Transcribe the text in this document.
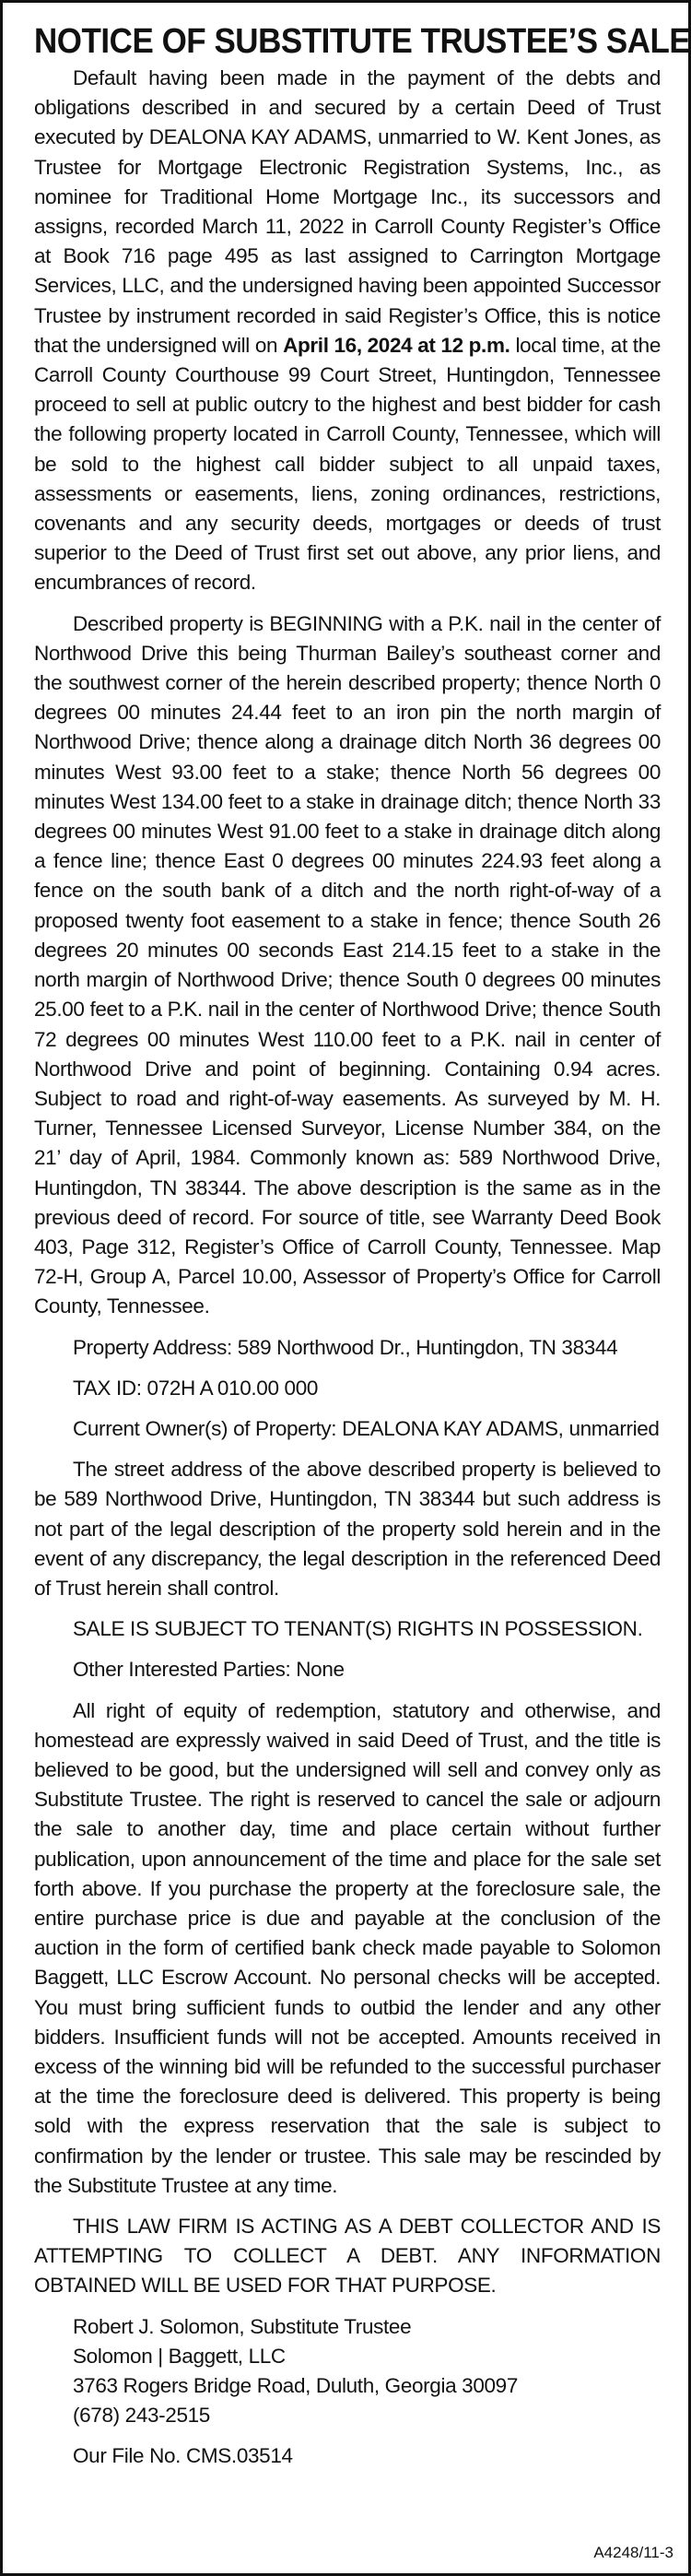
NOTICE OF SUBSTITUTE TRUSTEE’S SALE

Default having been made in the payment of the debts and obligations described in and secured by a certain Deed of Trust executed by DEALONA KAY ADAMS, unmarried to W. Kent Jones, as Trustee for Mortgage Electronic Registration Systems, Inc., as nominee for Traditional Home Mortgage Inc., its successors and assigns, recorded March 11, 2022 in Carroll County Register’s Office at Book 716 page 495 as last assigned to Carrington Mortgage Services, LLC, and the undersigned having been appointed Successor Trustee by instrument recorded in said Register’s Office, this is notice that the undersigned will on April 16, 2024 at 12 p.m. local time, at the Carroll County Courthouse 99 Court Street, Huntingdon, Tennessee proceed to sell at public outcry to the highest and best bidder for cash the following property located in Carroll County, Tennessee, which will be sold to the highest call bidder subject to all unpaid taxes, assessments or easements, liens, zoning ordinances, restrictions, covenants and any security deeds, mortgages or deeds of trust superior to the Deed of Trust first set out above, any prior liens, and encumbrances of record.

Described property is BEGINNING with a P.K. nail in the center of Northwood Drive this being Thurman Bailey’s southeast corner and the southwest corner of the herein described property; thence North 0 degrees 00 minutes 24.44 feet to an iron pin the north margin of Northwood Drive; thence along a drainage ditch North 36 degrees 00 minutes West 93.00 feet to a stake; thence North 56 degrees 00 minutes West 134.00 feet to a stake in drainage ditch; thence North 33 degrees 00 minutes West 91.00 feet to a stake in drainage ditch along a fence line; thence East 0 degrees 00 minutes 224.93 feet along a fence on the south bank of a ditch and the north right-of-way of a proposed twenty foot easement to a stake in fence; thence South 26 degrees 20 minutes 00 seconds East 214.15 feet to a stake in the north margin of Northwood Drive; thence South 0 degrees 00 minutes 25.00 feet to a P.K. nail in the center of Northwood Drive; thence South 72 degrees 00 minutes West 110.00 feet to a P.K. nail in center of Northwood Drive and point of beginning. Containing 0.94 acres. Subject to road and right-of-way easements. As surveyed by M. H. Turner, Tennessee Licensed Surveyor, License Number 384, on the 21’ day of April, 1984. Commonly known as: 589 Northwood Drive, Huntingdon, TN 38344. The above description is the same as in the previous deed of record. For source of title, see Warranty Deed Book 403, Page 312, Register’s Office of Carroll County, Tennessee. Map 72-H, Group A, Parcel 10.00, Assessor of Property’s Office for Carroll County, Tennessee.

Property Address: 589 Northwood Dr., Huntingdon, TN 38344

TAX ID: 072H A 010.00 000

Current Owner(s) of Property: DEALONA KAY ADAMS, unmarried

The street address of the above described property is believed to be 589 Northwood Drive, Huntingdon, TN 38344 but such address is not part of the legal description of the property sold herein and in the event of any discrepancy, the legal description in the referenced Deed of Trust herein shall control.

SALE IS SUBJECT TO TENANT(S) RIGHTS IN POSSESSION.

Other Interested Parties: None

All right of equity of redemption, statutory and otherwise, and homestead are expressly waived in said Deed of Trust, and the title is believed to be good, but the undersigned will sell and convey only as Substitute Trustee. The right is reserved to cancel the sale or adjourn the sale to another day, time and place certain without further publication, upon announcement of the time and place for the sale set forth above. If you purchase the property at the foreclosure sale, the entire purchase price is due and payable at the conclusion of the auction in the form of certified bank check made payable to Solomon Baggett, LLC Escrow Account. No personal checks will be accepted. You must bring sufficient funds to outbid the lender and any other bidders. Insufficient funds will not be accepted. Amounts received in excess of the winning bid will be refunded to the successful purchaser at the time the foreclosure deed is delivered. This property is being sold with the express reservation that the sale is subject to confirmation by the lender or trustee. This sale may be rescinded by the Substitute Trustee at any time.

THIS LAW FIRM IS ACTING AS A DEBT COLLECTOR AND IS ATTEMPTING TO COLLECT A DEBT. ANY INFORMATION OBTAINED WILL BE USED FOR THAT PURPOSE.

Robert J. Solomon, Substitute Trustee
Solomon | Baggett, LLC
3763 Rogers Bridge Road, Duluth, Georgia 30097
(678) 243-2515

Our File No. CMS.03514

A4248/11-3
